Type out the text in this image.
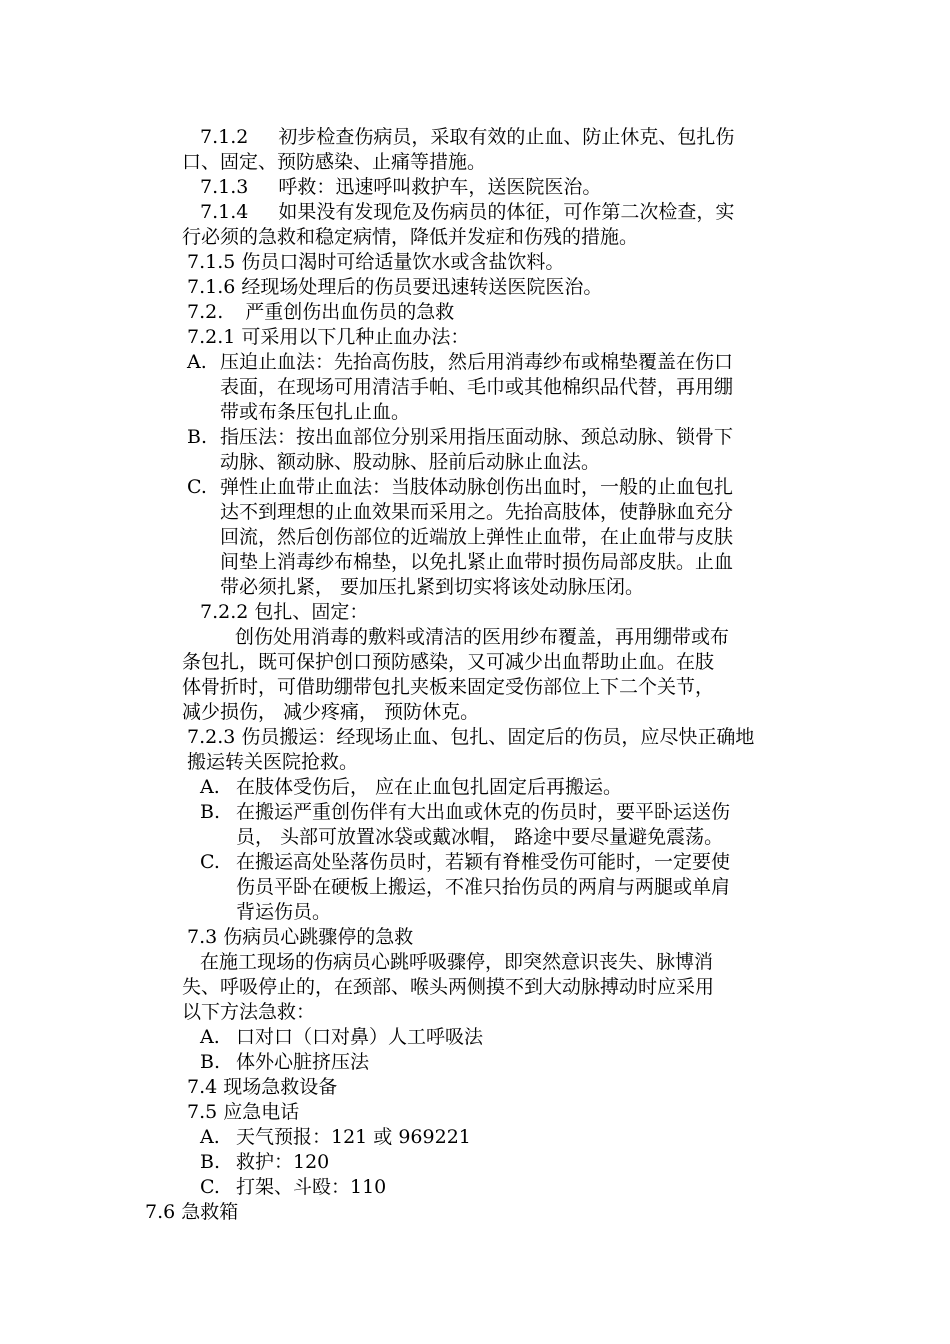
7.1.2 初步检查伤病员，采取有效的止血、防止休克、包扎伤
口、固定、预防感染、止痛等措施。
7.1.3 呼救：迅速呼叫救护车，送医院医治。
7.1.4 如果没有发现危及伤病员的体征，可作第二次检查，实
行必须的急救和稳定病情，降低并发症和伤残的措施。
7.1.5 伤员口渴时可给适量饮水或含盐饮料。
7.1.6 经现场处理后的伤员要迅速转送医院医治。
7.2. 严重创伤出血伤员的急救
7.2.1 可采用以下几种止血办法：
A. 压迫止血法：先抬高伤肢，然后用消毒纱布或棉垫覆盖在伤口
表面，在现场可用清洁手帕、毛巾或其他棉织品代替，再用绷
带或布条压包扎止血。
B. 指压法：按出血部位分别采用指压面动脉、颈总动脉、锁骨下
动脉、额动脉、股动脉、胫前后动脉止血法。
C. 弹性止血带止血法：当肢体动脉创伤出血时，一般的止血包扎
达不到理想的止血效果而采用之。先抬高肢体，使静脉血充分
回流，然后创伤部位的近端放上弹性止血带，在止血带与皮肤
间垫上消毒纱布棉垫，以免扎紧止血带时损伤局部皮肤。止血
带必须扎紧， 要加压扎紧到切实将该处动脉压闭。
7.2.2 包扎、固定：
创伤处用消毒的敷料或清洁的医用纱布覆盖，再用绷带或布
条包扎，既可保护创口预防感染，又可减少出血帮助止血。在肢
体骨折时，可借助绷带包扎夹板来固定受伤部位上下二个关节，
减少损伤， 减少疼痛， 预防休克。
7.2.3 伤员搬运：经现场止血、包扎、固定后的伤员，应尽快正确地
搬运转关医院抢救。
A. 在肢体受伤后， 应在止血包扎固定后再搬运。
B. 在搬运严重创伤伴有大出血或休克的伤员时，要平卧运送伤
员， 头部可放置冰袋或戴冰帽， 路途中要尽量避免震荡。
C. 在搬运高处坠落伤员时，若颖有脊椎受伤可能时，一定要使
伤员平卧在硬板上搬运，不准只抬伤员的两肩与两腿或单肩
背运伤员。
7.3 伤病员心跳骤停的急救
在施工现场的伤病员心跳呼吸骤停，即突然意识丧失、脉博消
失、呼吸停止的，在颈部、喉头两侧摸不到大动脉搏动时应采用
以下方法急救：
A. 口对口（口对鼻）人工呼吸法
B. 体外心脏挤压法
7.4 现场急救设备
7.5 应急电话
A. 天气预报：121 或 969221
B. 救护：120
C. 打架、斗殴：110
7.6 急救箱
